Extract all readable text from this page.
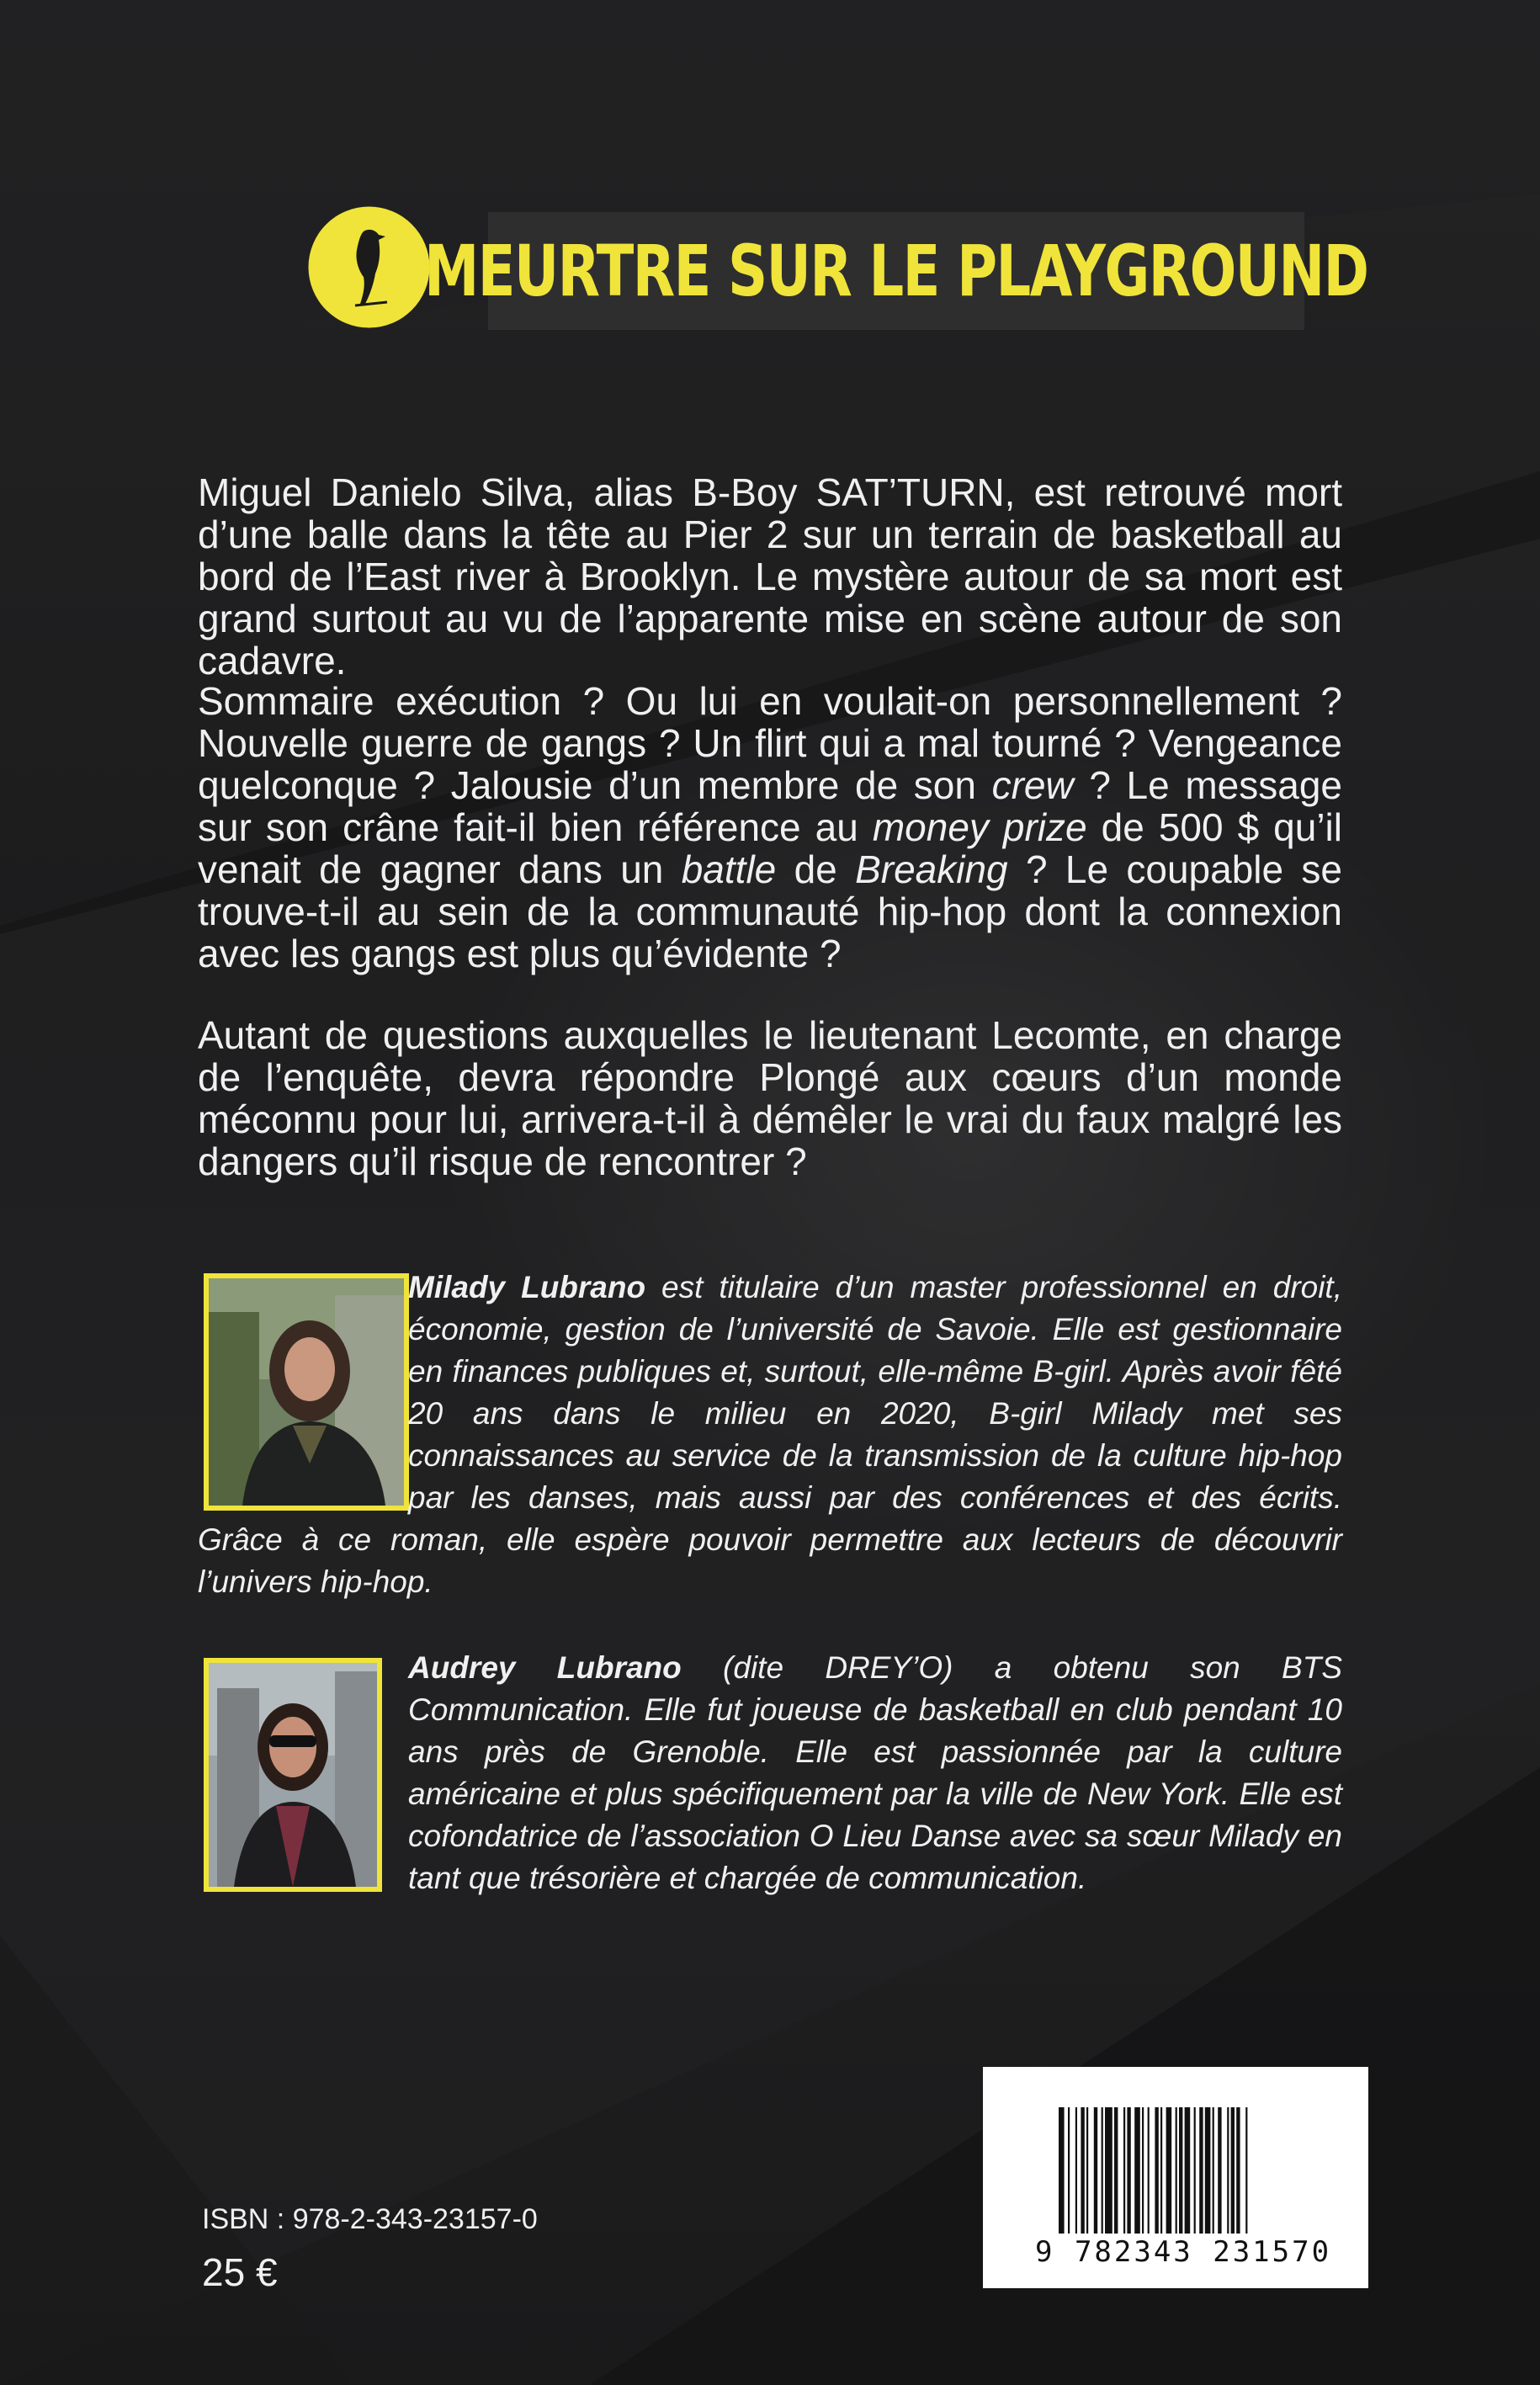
MEURTRE SUR LE PLAYGROUND
Miguel Danielo Silva, alias B-Boy SAT’TURN, est retrouvé mort d’une balle dans la tête au Pier 2 sur un terrain de basketball au bord de l’East river à Brooklyn. Le mystère autour de sa mort est grand surtout au vu de l’apparente mise en scène autour de son cadavre.
Sommaire exécution ? Ou lui en voulait-on personnellement ? Nouvelle guerre de gangs ? Un flirt qui a mal tourné ? Vengeance quelconque ? Jalousie d’un membre de son crew ? Le message sur son crâne fait-il bien référence au money prize de 500 $ qu’il venait de gagner dans un battle de Breaking ? Le coupable se trouve-t-il au sein de la communauté hip-hop dont la connexion avec les gangs est plus qu’évidente ?
Autant de questions auxquelles le lieutenant Lecomte, en charge de l’enquête, devra répondre Plongé aux cœurs d’un monde méconnu pour lui, arrivera-t-il à démêler le vrai du faux malgré les dangers qu’il risque de rencontrer ?
Milady Lubrano est titulaire d’un master professionnel en droit, économie, gestion de l’université de Savoie. Elle est gestionnaire en finances publiques et, surtout, elle-même B-girl. Après avoir fêté 20 ans dans le milieu en 2020, B-girl Milady met ses connaissances au service de la transmission de la culture hip-hop par les danses, mais aussi par des conférences et des écrits. Grâce à ce roman, elle espère pouvoir permettre aux lecteurs de découvrir l’univers hip-hop.
Audrey Lubrano (dite DREY’O) a obtenu son BTS Communication. Elle fut joueuse de basketball en club pendant 10 ans près de Grenoble. Elle est passionnée par la culture américaine et plus spécifiquement par la ville de New York. Elle est cofondatrice de l’association O Lieu Danse avec sa sœur Milady en tant que trésorière et chargée de communication.
9 782343 231570
ISBN : 978-2-343-23157-0
25 €
